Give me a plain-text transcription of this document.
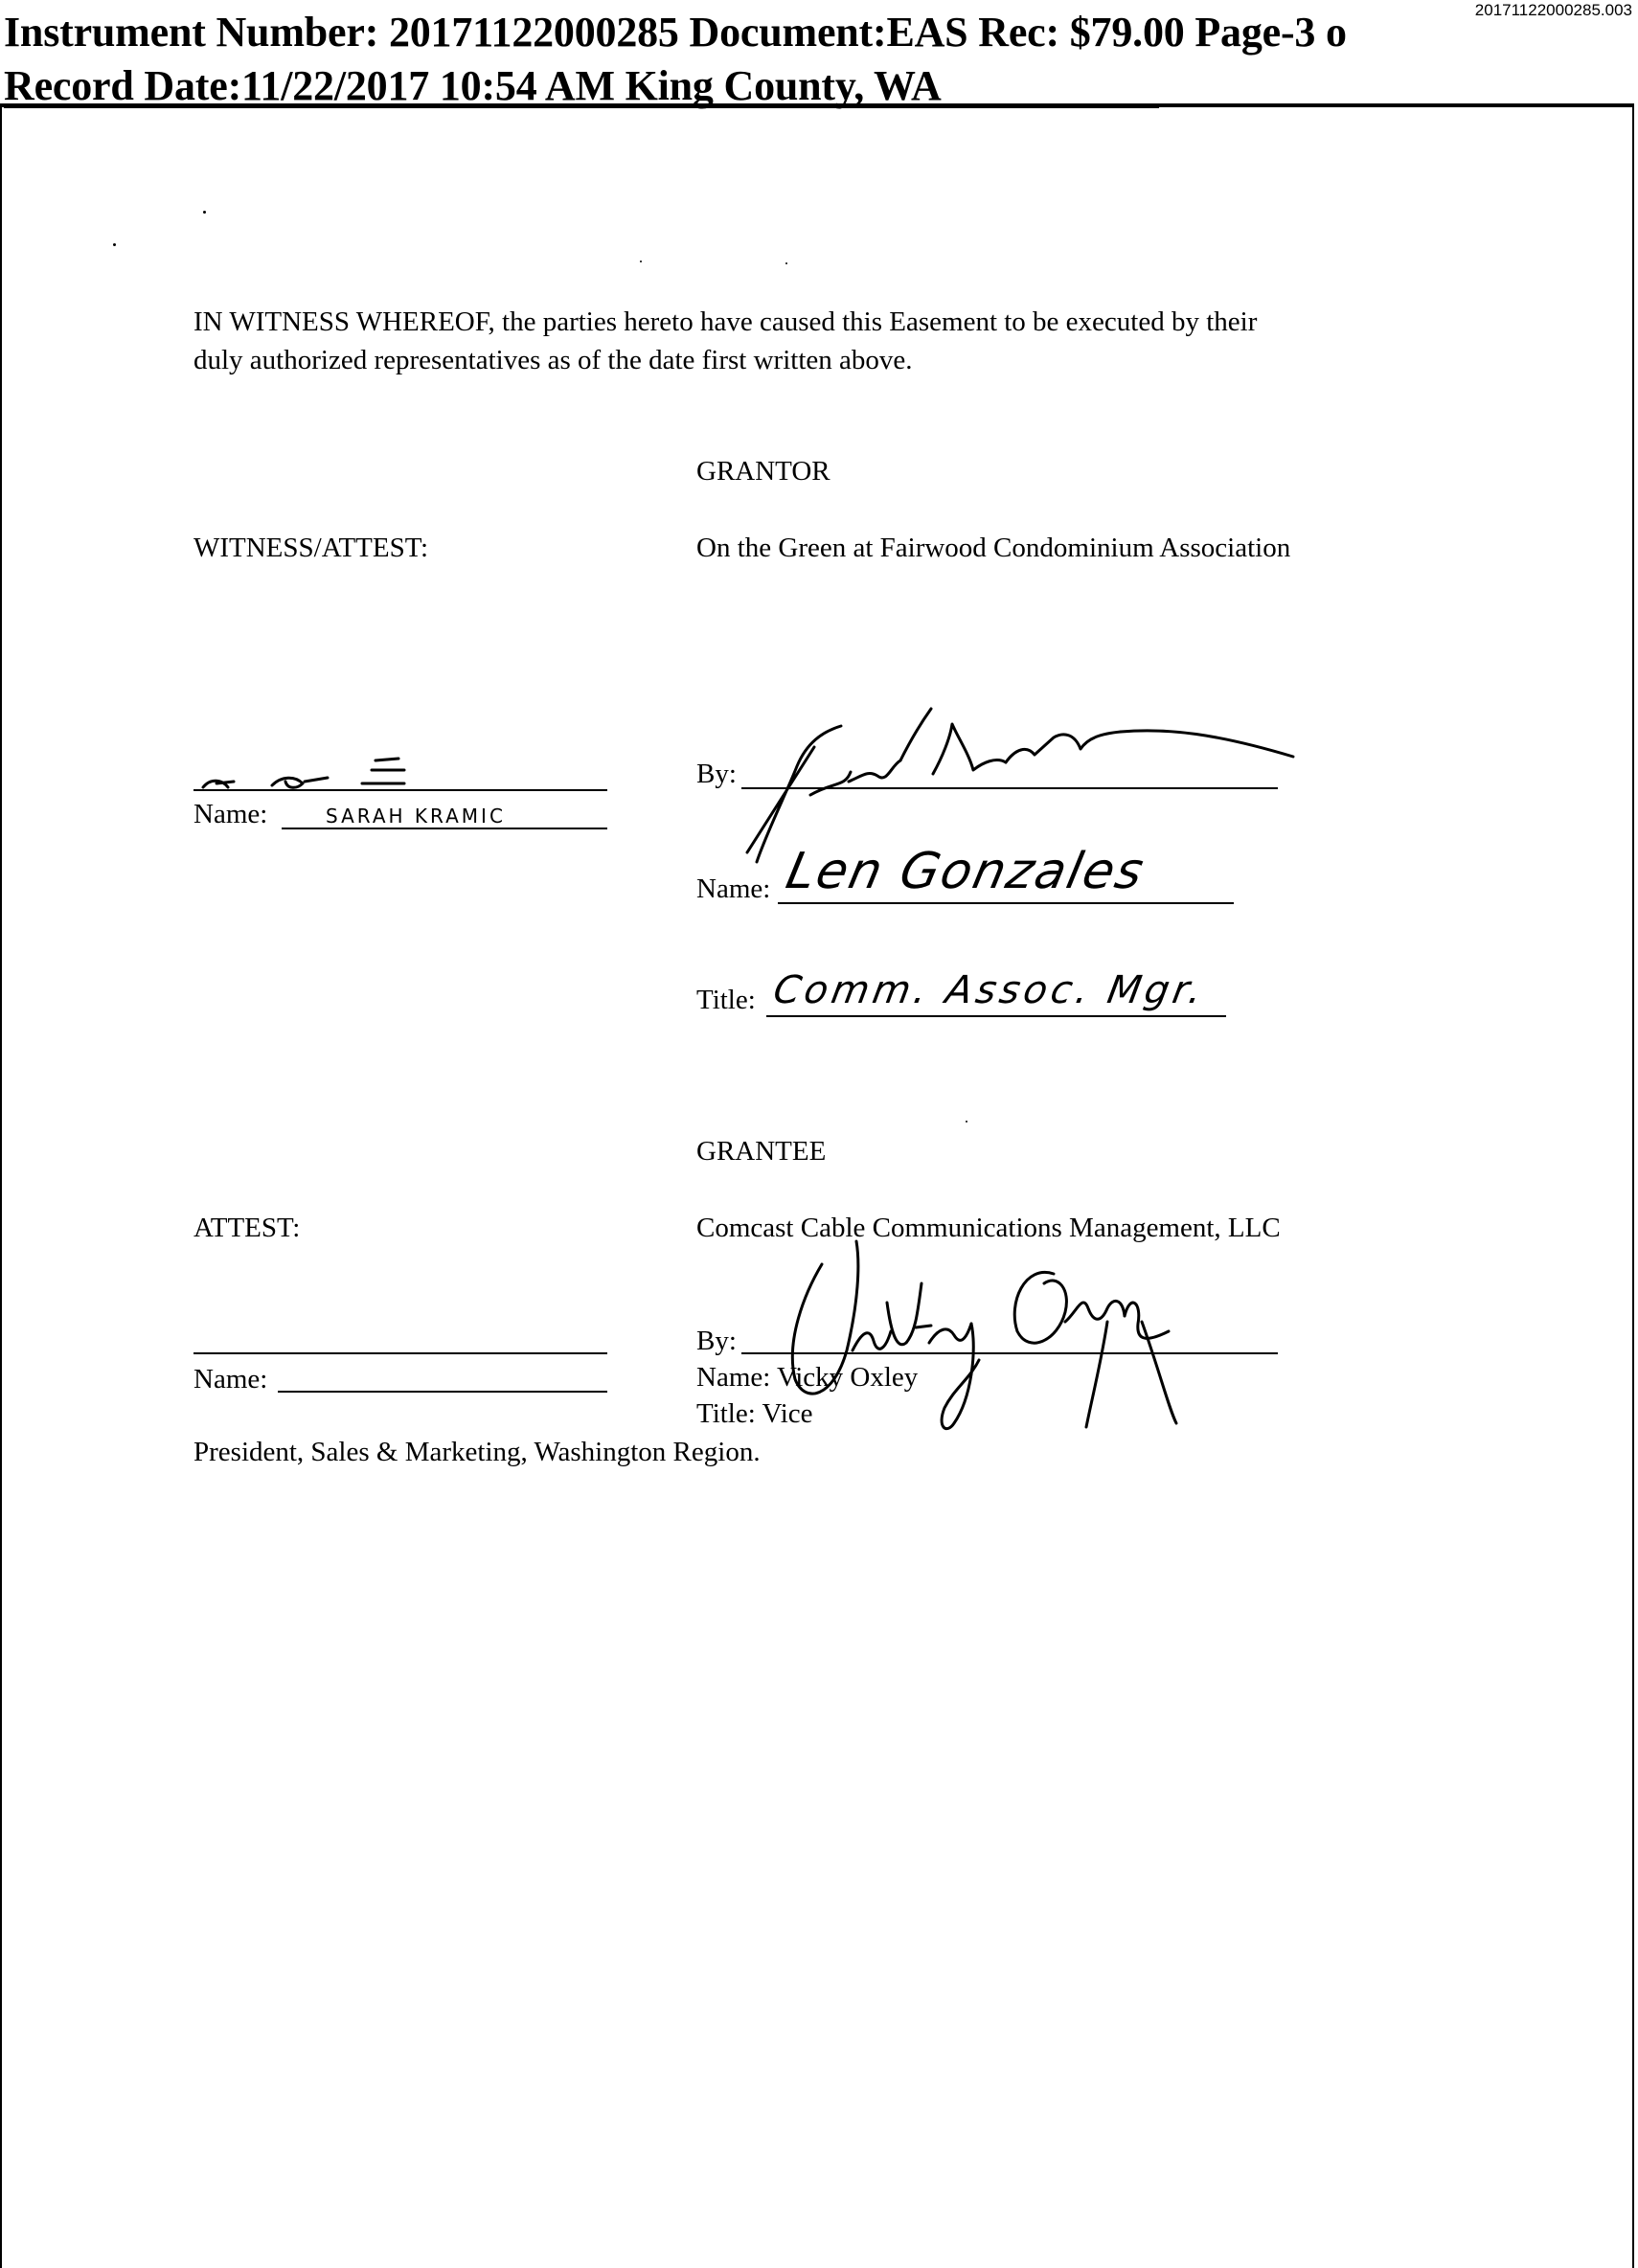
20171122000285.003
Instrument Number: 20171122000285 Document:EAS Rec: $79.00 Page-3 o
Record Date:11/22/2017 10:54 AM King County, WA
IN WITNESS WHEREOF, the parties hereto have caused this Easement to be executed by their
duly authorized representatives as of the date first written above.
GRANTOR
WITNESS/ATTEST:	On the Green at Fairwood Condominium Association
Name:	SARAH KRAMIC
By:
Name: Len Gonzales
Title: Comm. Assoc. Mgr.
GRANTEE
ATTEST:	Comcast Cable Communications Management, LLC
Name:
By:
Name: Vicky Oxley
Title: Vice
President, Sales & Marketing, Washington Region.
